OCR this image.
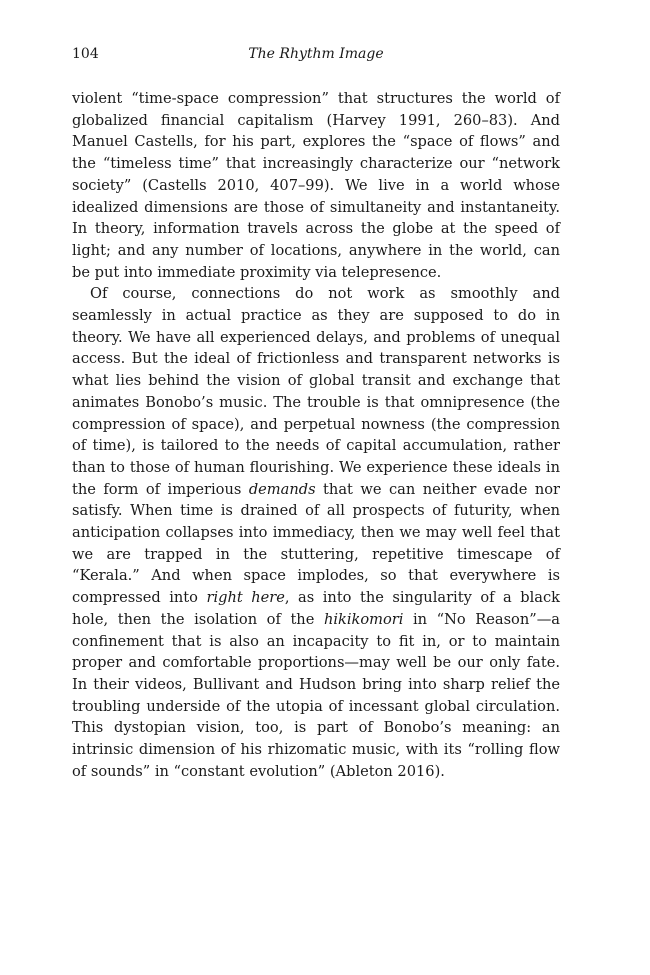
104	The Rhythm Image

violent “time-space compression” that structures the world of globalized financial capitalism (Harvey 1991, 260–83). And Manuel Castells, for his part, explores the “space of flows” and the “timeless time” that increasingly characterize our “network society” (Castells 2010, 407–99). We live in a world whose idealized dimensions are those of simultaneity and instantaneity. In theory, information travels across the globe at the speed of light; and any number of locations, anywhere in the world, can be put into immediate proximity via telepresence.

Of course, connections do not work as smoothly and seamlessly in actual practice as they are supposed to do in theory. We have all experienced delays, and problems of unequal access. But the ideal of frictionless and transparent networks is what lies behind the vision of global transit and exchange that animates Bonobo’s music. The trouble is that omnipresence (the compression of space), and perpetual nowness (the compression of time), is tailored to the needs of capital accumulation, rather than to those of human flourishing. We experience these ideals in the form of imperious demands that we can neither evade nor satisfy. When time is drained of all prospects of futurity, when anticipation collapses into immediacy, then we may well feel that we are trapped in the stuttering, repetitive timescape of “Kerala.” And when space implodes, so that everywhere is compressed into right here, as into the singularity of a black hole, then the isolation of the hikikomori in “No Reason”—a confinement that is also an incapacity to fit in, or to maintain proper and comfortable proportions—may well be our only fate. In their videos, Bullivant and Hudson bring into sharp relief the troubling underside of the utopia of incessant global circulation. This dystopian vision, too, is part of Bonobo’s meaning: an intrinsic dimension of his rhizomatic music, with its “rolling flow of sounds” in “constant evolution” (Ableton 2016).
